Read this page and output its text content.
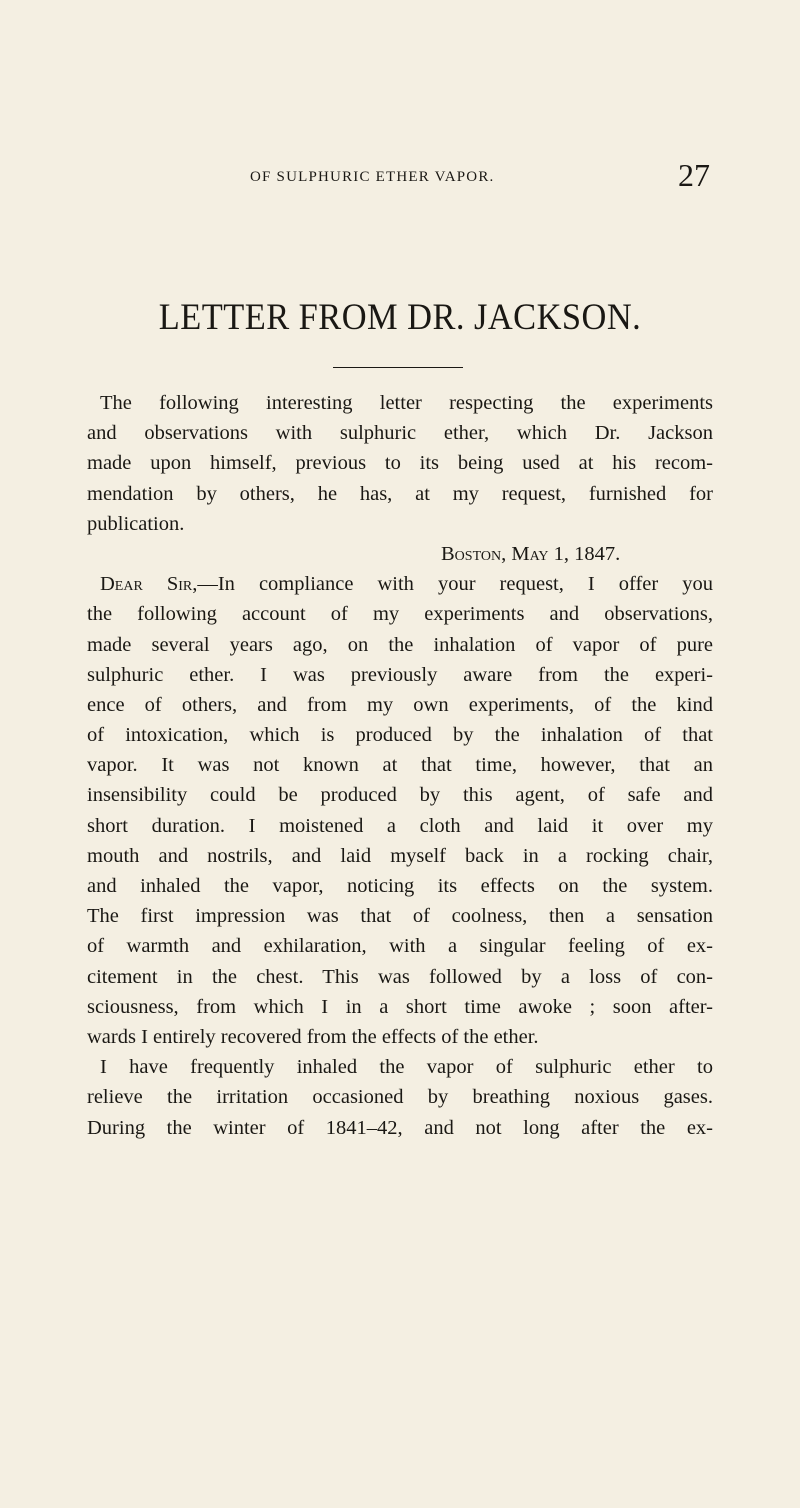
OF SULPHURIC ETHER VAPOR.	27
LETTER FROM DR. JACKSON.
The following interesting letter respecting the experiments
and observations with sulphuric ether, which Dr. Jackson
made upon himself, previous to its being used at his recom-
mendation by others, he has, at my request, furnished for
publication.
Boston, May 1, 1847.
Dear Sir,—In compliance with your request, I offer you
the following account of my experiments and observations,
made several years ago, on the inhalation of vapor of pure
sulphuric ether. I was previously aware from the experi-
ence of others, and from my own experiments, of the kind
of intoxication, which is produced by the inhalation of that
vapor. It was not known at that time, however, that an
insensibility could be produced by this agent, of safe and
short duration. I moistened a cloth and laid it over my
mouth and nostrils, and laid myself back in a rocking chair,
and inhaled the vapor, noticing its effects on the system.
The first impression was that of coolness, then a sensation
of warmth and exhilaration, with a singular feeling of ex-
citement in the chest. This was followed by a loss of con-
sciousness, from which I in a short time awoke ; soon after-
wards I entirely recovered from the effects of the ether.
I have frequently inhaled the vapor of sulphuric ether to
relieve the irritation occasioned by breathing noxious gases.
During the winter of 1841–42, and not long after the ex-
